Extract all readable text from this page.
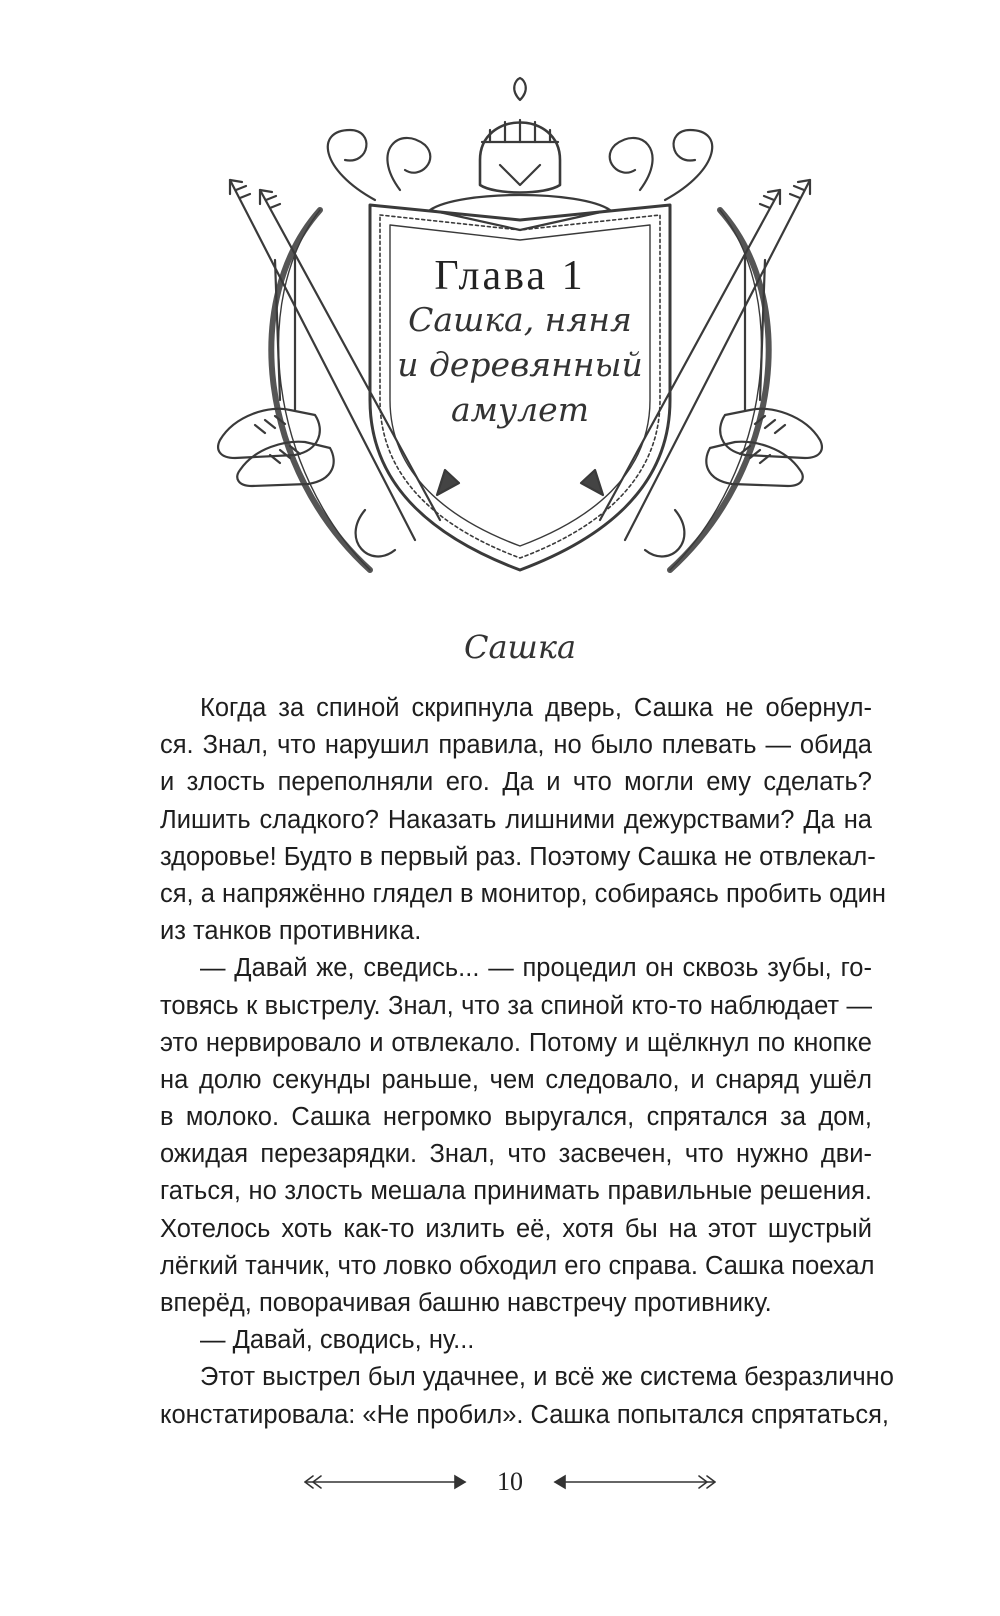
Глава 1
Сашка, няня
и деревянный
амулет
Сашка
Когда за спиной скрипнула дверь, Сашка не обернул-
ся. Знал, что нарушил правила, но было плевать — обида
и злость переполняли его. Да и что могли ему сделать?
Лишить сладкого? Наказать лишними дежурствами? Да на
здоровье! Будто в первый раз. Поэтому Сашка не отвлекал-
ся, а напряжённо глядел в монитор, собираясь пробить один
из танков противника.
— Давай же, сведись... — процедил он сквозь зубы, го-
товясь к выстрелу. Знал, что за спиной кто-то наблюдает —
это нервировало и отвлекало. Потому и щёлкнул по кнопке
на долю секунды раньше, чем следовало, и снаряд ушёл
в молоко. Сашка негромко выругался, спрятался за дом,
ожидая перезарядки. Знал, что засвечен, что нужно дви-
гаться, но злость мешала принимать правильные решения.
Хотелось хоть как-то излить её, хотя бы на этот шустрый
лёгкий танчик, что ловко обходил его справа. Сашка поехал
вперёд, поворачивая башню навстречу противнику.
— Давай, сводись, ну...
Этот выстрел был удачнее, и всё же система безразлично
констатировала: «Не пробил». Сашка попытался спрятаться,
10
